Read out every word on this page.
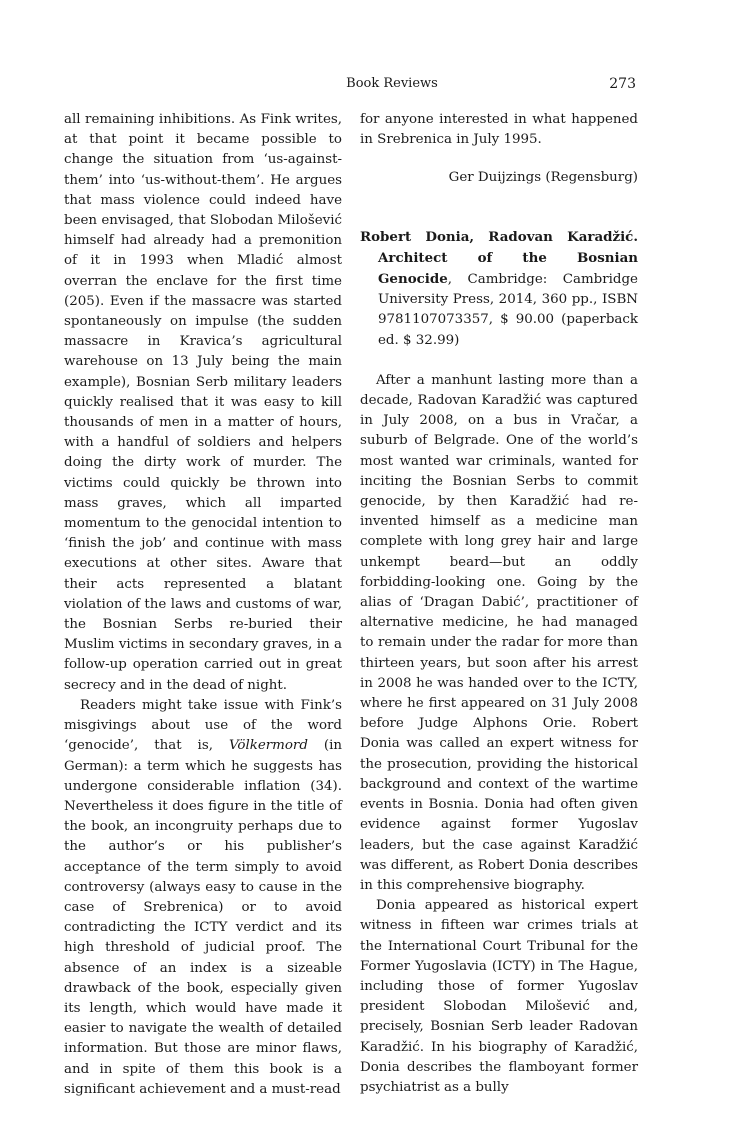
Book Reviews	273

all remaining inhibitions. As Fink writes, at that point it became possible to change the situation from ‘us-against-them’ into ‘us-without-them’. He argues that mass violence could indeed have been envisaged, that Slobodan Milošević himself had already had a premonition of it in 1993 when Mladić almost overran the enclave for the first time (205). Even if the massacre was started spontaneously on impulse (the sudden massacre in Kravica’s agricultural warehouse on 13 July being the main example), Bosnian Serb military leaders quickly realised that it was easy to kill thousands of men in a matter of hours, with a handful of soldiers and helpers doing the dirty work of murder. The victims could quickly be thrown into mass graves, which all imparted momentum to the genocidal intention to ‘finish the job’ and continue with mass executions at other sites. Aware that their acts represented a blatant violation of the laws and customs of war, the Bosnian Serbs re-buried their Muslim victims in secondary graves, in a follow-up operation carried out in great secrecy and in the dead of night.

Readers might take issue with Fink’s misgivings about use of the word ‘genocide’, that is, Völkermord (in German): a term which he suggests has undergone considerable inflation (34). Nevertheless it does figure in the title of the book, an incongruity perhaps due to the author’s or his publisher’s acceptance of the term simply to avoid controversy (always easy to cause in the case of Srebrenica) or to avoid contradicting the ICTY verdict and its high threshold of judicial proof. The absence of an index is a sizeable drawback of the book, especially given its length, which would have made it easier to navigate the wealth of detailed information. But those are minor flaws, and in spite of them this book is a significant achievement and a must-read

for anyone interested in what happened in Srebrenica in July 1995.

Ger Duijzings (Regensburg)

Robert Donia, Radovan Karadžić. Architect of the Bosnian Genocide, Cambridge: Cambridge University Press, 2014, 360 pp., ISBN 9781107073357, $ 90.00 (paperback ed. $ 32.99)

After a manhunt lasting more than a decade, Radovan Karadžić was captured in July 2008, on a bus in Vračar, a suburb of Belgrade. One of the world’s most wanted war criminals, wanted for inciting the Bosnian Serbs to commit genocide, by then Karadžić had re-invented himself as a medicine man complete with long grey hair and large unkempt beard—but an oddly forbidding-looking one. Going by the alias of ‘Dragan Dabić’, practitioner of alternative medicine, he had managed to remain under the radar for more than thirteen years, but soon after his arrest in 2008 he was handed over to the ICTY, where he first appeared on 31 July 2008 before Judge Alphons Orie. Robert Donia was called an expert witness for the prosecution, providing the historical background and context of the wartime events in Bosnia. Donia had often given evidence against former Yugoslav leaders, but the case against Karadžić was different, as Robert Donia describes in this comprehensive biography.

Donia appeared as historical expert witness in fifteen war crimes trials at the International Court Tribunal for the Former Yugoslavia (ICTY) in The Hague, including those of former Yugoslav president Slobodan Milošević and, precisely, Bosnian Serb leader Radovan Karadžić. In his biography of Karadžić, Donia describes the flamboyant former psychiatrist as a bully
